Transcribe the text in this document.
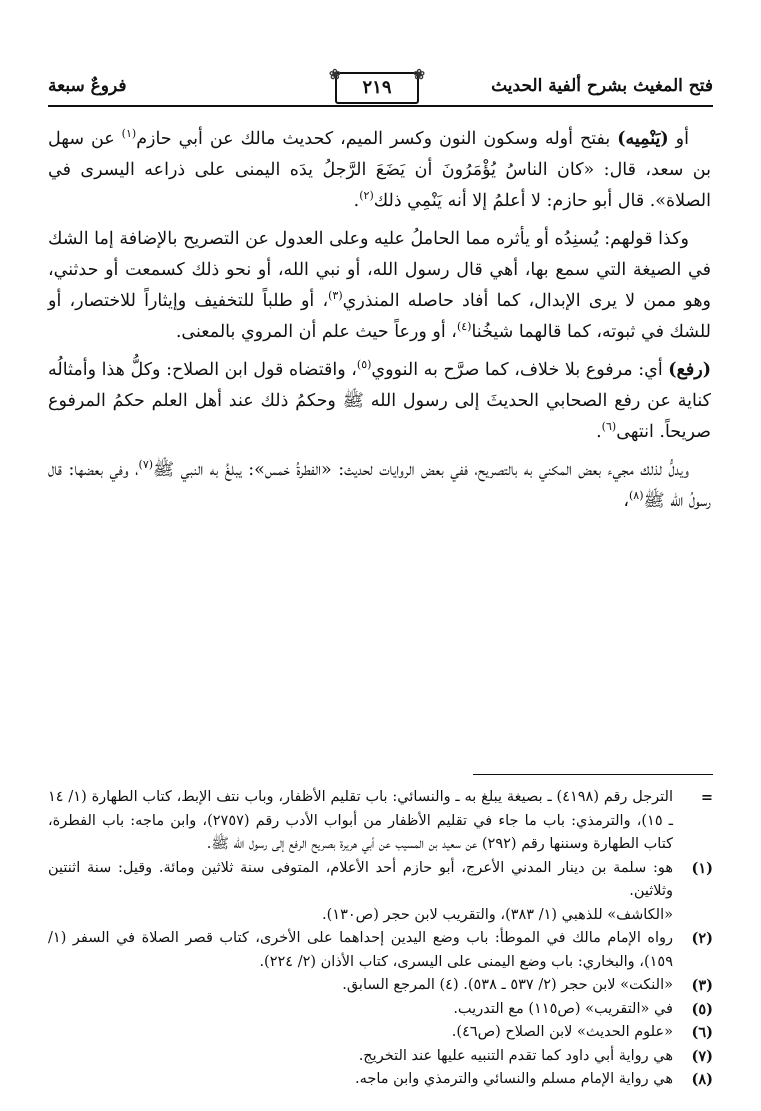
فتح المغيث بشرح ألفية الحديث
❀
٢١٩
❀
فروعٌ سبعة

أو (يَنْمِيه) بفتح أوله وسكون النون وكسر الميم، كحديث مالك عن أبي حازم$^{(١)}$ عن سهل بن سعد، قال: «كان الناسُ يُؤْمَرُونَ أن يَضَعَ الرَّجلُ يدَه اليمنى على ذراعه اليسرى في الصلاة». قال أبو حازم: لا أعلمُ إلا أنه يَنْمِي ذلك$^{(٢)}$.

وكذا قولهم: يُسنِدُه أو يأثره مما الحاملُ عليه وعلى العدول عن التصريح بالإضافة إما الشك في الصيغة التي سمع بها، أهي قال رسول الله، أو نبي الله، أو نحو ذلك كسمعت أو حدثني، وهو ممن لا يرى الإبدال، كما أفاد حاصله المنذري$^{(٣)}$، أو طلباً للتخفيف وإيثاراً للاختصار، أو للشك في ثبوته، كما قالهما شيخُنا$^{(٤)}$، أو ورعاً حيث علم أن المروي بالمعنى.

(رفع) أي: مرفوع بلا خلاف، كما صرَّح به النووي$^{(٥)}$، واقتضاه قول ابن الصلاح: وكلُّ هذا وأمثالُه كناية عن رفع الصحابي الحديثَ إلى رسول الله ﷺ وحكمُ ذلك عند أهل العلم حكمُ المرفوع صريحاً. انتهى$^{(٦)}$.

ويدلُّ لذلك مجيء بعض المكني به بالتصريح، ففي بعض الروايات لحديث: «الفطرةُ خمس»: يبلغُ به النبي ﷺ$^{(٧)}$، وفي بعضها: قال رسولُ الله ﷺ$^{(٨)}$،

=
الترجل رقم (٤١٩٨) ـ بصيغة يبلغ به ـ والنسائي: باب تقليم الأظفار، وباب نتف الإبط، كتاب الطهارة (١/ ١٤ ـ ١٥)، والترمذي: باب ما جاء في تقليم الأظفار من أبواب الأدب رقم (٢٧٥٧)، وابن ماجه: باب الفطرة، كتاب الطهارة وسننها رقم (٢٩٢) عن سعيد بن المسيب عن أبي هريرة بصريح الرفع إلى رسول الله ﷺ.
(١)
هو: سلمة بن دينار المدني الأعرج، أبو حازم أحد الأعلام، المتوفى سنة ثلاثين ومائة. وقيل: سنة اثنتين وثلاثين.
«الكاشف» للذهبي (١/ ٣٨٣)، والتقريب لابن حجر (ص١٣٠).
(٢)
رواه الإمام مالك في الموطأ: باب وضع اليدين إحداهما على الأخرى، كتاب قصر الصلاة في السفر (١/ ١٥٩)، والبخاري: باب وضع اليمنى على اليسرى، كتاب الأذان (٢/ ٢٢٤).
(٣)
«النكت» لابن حجر (٢/ ٥٣٧ ـ ٥٣٨). (٤) المرجع السابق.
(٥)
في «التقريب» (ص١١٥) مع التدريب.
(٦)
«علوم الحديث» لابن الصلاح (ص٤٦).
(٧)
هي رواية أبي داود كما تقدم التنبيه عليها عند التخريج.
(٨)
هي رواية الإمام مسلم والنسائي والترمذي وابن ماجه.
